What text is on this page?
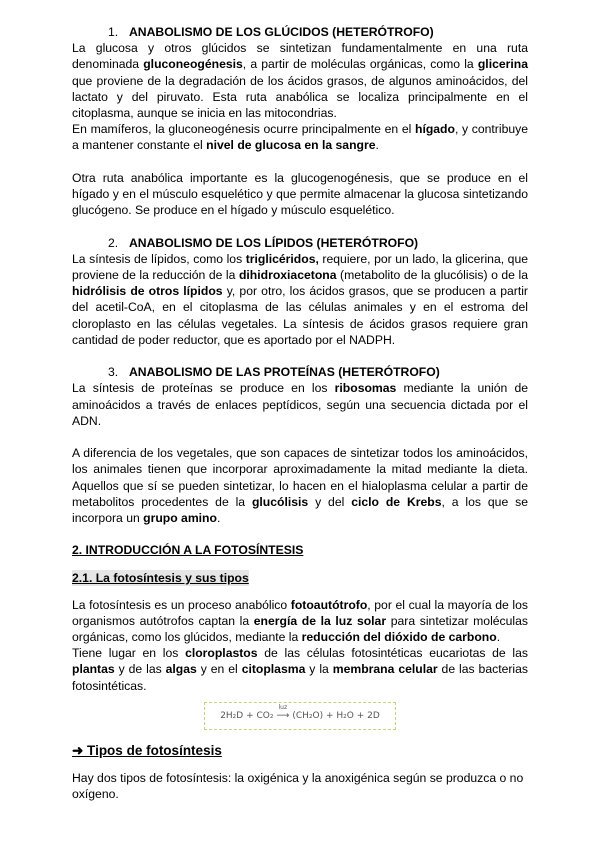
1. ANABOLISMO DE LOS GLÚCIDOS (HETERÓTROFO)

La glucosa y otros glúcidos se sintetizan fundamentalmente en una ruta denominada gluconeogénesis, a partir de moléculas orgánicas, como la glicerina que proviene de la degradación de los ácidos grasos, de algunos aminoácidos, del lactato y del piruvato. Esta ruta anabólica se localiza principalmente en el citoplasma, aunque se inicia en las mitocondrias.

En mamíferos, la gluconeogénesis ocurre principalmente en el hígado, y contribuye a mantener constante el nivel de glucosa en la sangre.

Otra ruta anabólica importante es la glucogenogénesis, que se produce en el hígado y en el músculo esquelético y que permite almacenar la glucosa sintetizando glucógeno. Se produce en el hígado y músculo esquelético.

2. ANABOLISMO DE LOS LÍPIDOS (HETERÓTROFO)

La síntesis de lípidos, como los triglicéridos, requiere, por un lado, la glicerina, que proviene de la reducción de la dihidroxiacetona (metabolito de la glucólisis) o de la hidrólisis de otros lípidos y, por otro, los ácidos grasos, que se producen a partir del acetil-CoA, en el citoplasma de las células animales y en el estroma del cloroplasto en las células vegetales. La síntesis de ácidos grasos requiere gran cantidad de poder reductor, que es aportado por el NADPH.

3. ANABOLISMO DE LAS PROTEÍNAS (HETERÓTROFO)

La síntesis de proteínas se produce en los ribosomas mediante la unión de aminoácidos a través de enlaces peptídicos, según una secuencia dictada por el ADN.

A diferencia de los vegetales, que son capaces de sintetizar todos los aminoácidos, los animales tienen que incorporar aproximadamente la mitad mediante la dieta. Aquellos que sí se pueden sintetizar, lo hacen en el hialoplasma celular a partir de metabolitos procedentes de la glucólisis y del ciclo de Krebs, a los que se incorpora un grupo amino.

2. INTRODUCCIÓN A LA FOTOSÍNTESIS

2.1. La fotosíntesis y sus tipos

La fotosíntesis es un proceso anabólico fotoautótrofo, por el cual la mayoría de los organismos autótrofos captan la energía de la luz solar para sintetizar moléculas orgánicas, como los glúcidos, mediante la reducción del dióxido de carbono.

Tiene lugar en los cloroplastos de las células fotosintéticas eucariotas de las plantas y de las algas y en el citoplasma y la membrana celular de las bacterias fotosintéticas.

2H₂D + CO₂
luz
⟶ (CH₂O) + H₂O + 2D

➜ Tipos de fotosíntesis

Hay dos tipos de fotosíntesis: la oxigénica y la anoxigénica según se produzca o no oxígeno.
